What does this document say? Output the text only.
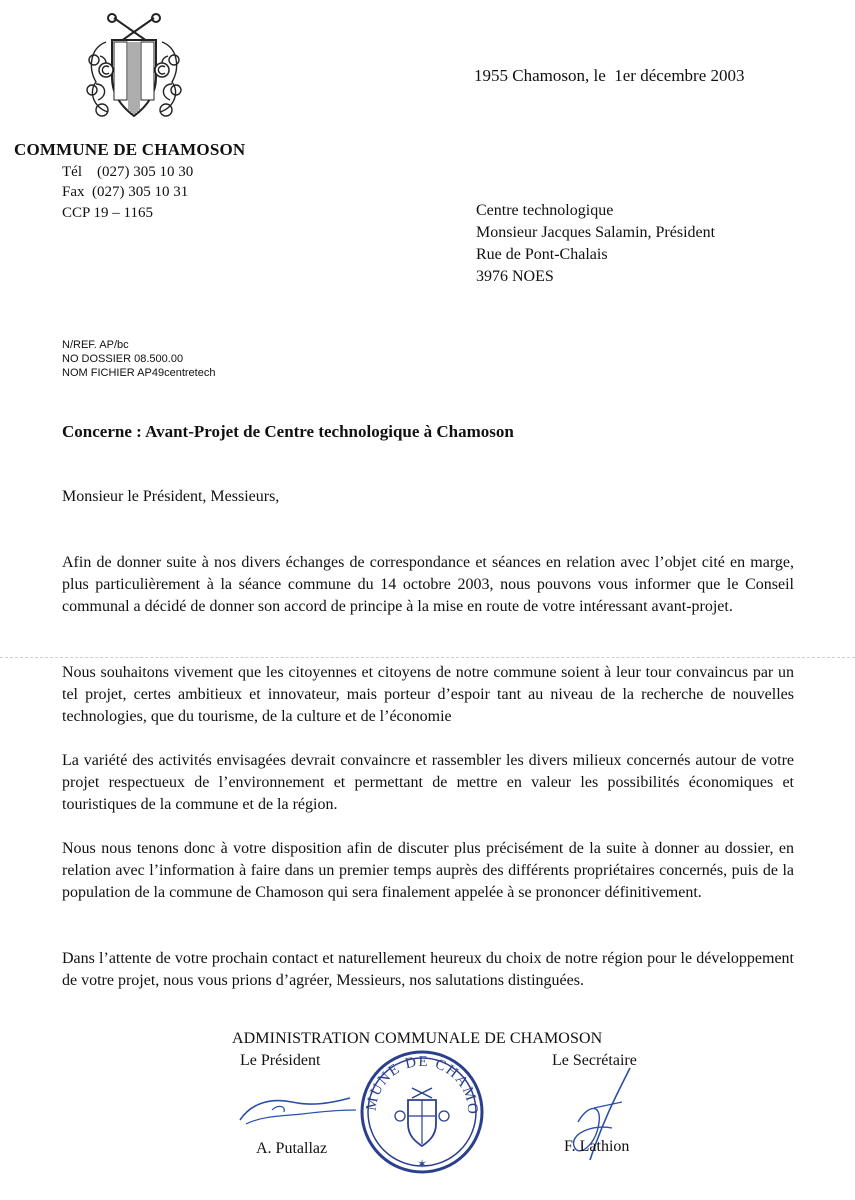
COMMUNE DE CHAMOSON
Tél    (027) 305 10 30
Fax  (027) 305 10 31
CCP 19 – 1165
1955 Chamoson, le  1er décembre 2003
Centre technologique
Monsieur Jacques Salamin, Président
Rue de Pont-Chalais
3976 NOES
N/REF. AP/bc
NO DOSSIER 08.500.00
NOM FICHIER AP49centretech
Concerne : Avant-Projet de Centre technologique à Chamoson
Monsieur le Président, Messieurs,
Afin de donner suite à nos divers échanges de correspondance et séances en relation avec l’objet cité en marge, plus particulièrement à la séance commune du 14 octobre 2003, nous pouvons vous informer que le Conseil communal a décidé de donner son accord de principe à la mise en route de votre intéressant avant-projet.
Nous souhaitons vivement que les citoyennes et citoyens de notre commune soient à leur tour convaincus par un tel projet, certes ambitieux et innovateur, mais porteur d’espoir tant au niveau de la recherche de nouvelles technologies, que du tourisme, de la culture et de l’économie
La variété des activités envisagées devrait convaincre et rassembler les divers milieux concernés autour de votre projet respectueux de l’environnement et permettant de mettre en valeur les possibilités économiques et touristiques de la commune et de la région.
Nous nous tenons donc à votre disposition afin de discuter plus précisément de la suite à donner au dossier, en relation avec l’information à faire dans un premier temps auprès des différents propriétaires concernés, puis de la population de la commune de Chamoson qui sera finalement appelée à se prononcer définitivement.
Dans l’attente de votre prochain contact et naturellement heureux du choix de notre région pour le développement de votre projet, nous vous prions d’agréer, Messieurs, nos salutations distinguées.
ADMINISTRATION COMMUNALE DE CHAMOSON
Le Président	Le Secrétaire
MUNE DE CHAMO
✶
A. Putallaz	F. Lathion
